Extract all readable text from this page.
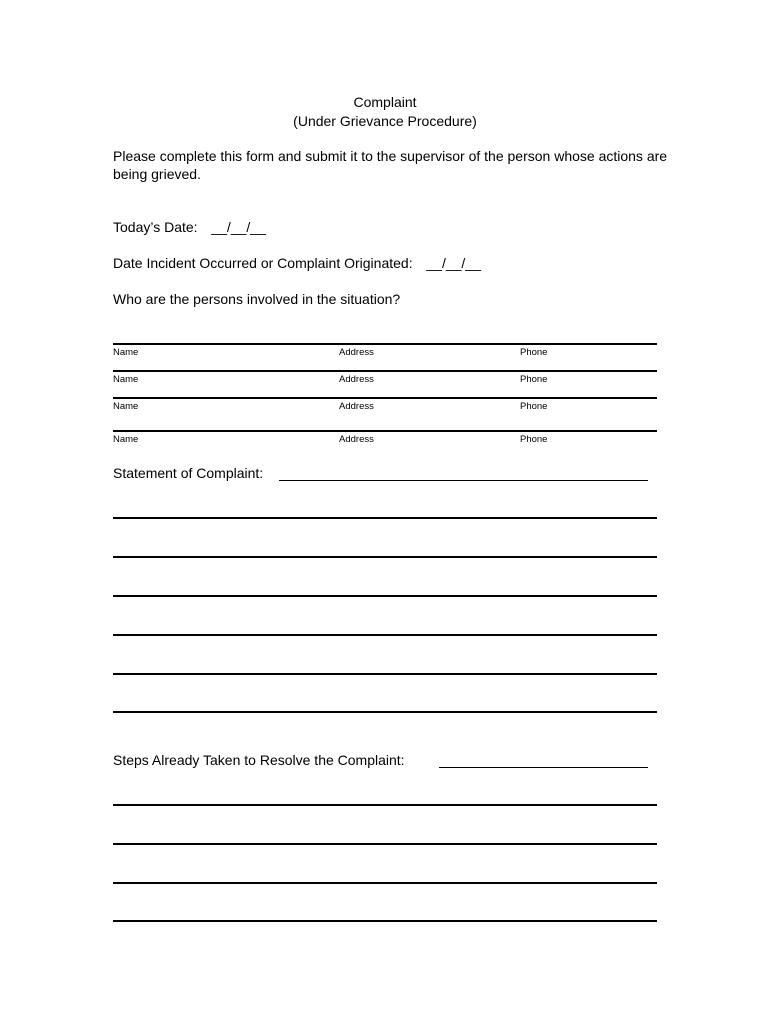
Complaint
(Under Grievance Procedure)
Please complete this form and submit it to the supervisor of the person whose actions are being grieved.
Today’s Date: __/__/__
Date Incident Occurred or Complaint Originated: __/__/__
Who are the persons involved in the situation?
Name	Address	Phone
Name	Address	Phone
Name	Address	Phone
Name	Address	Phone
Statement of Complaint:
Steps Already Taken to Resolve the Complaint:
